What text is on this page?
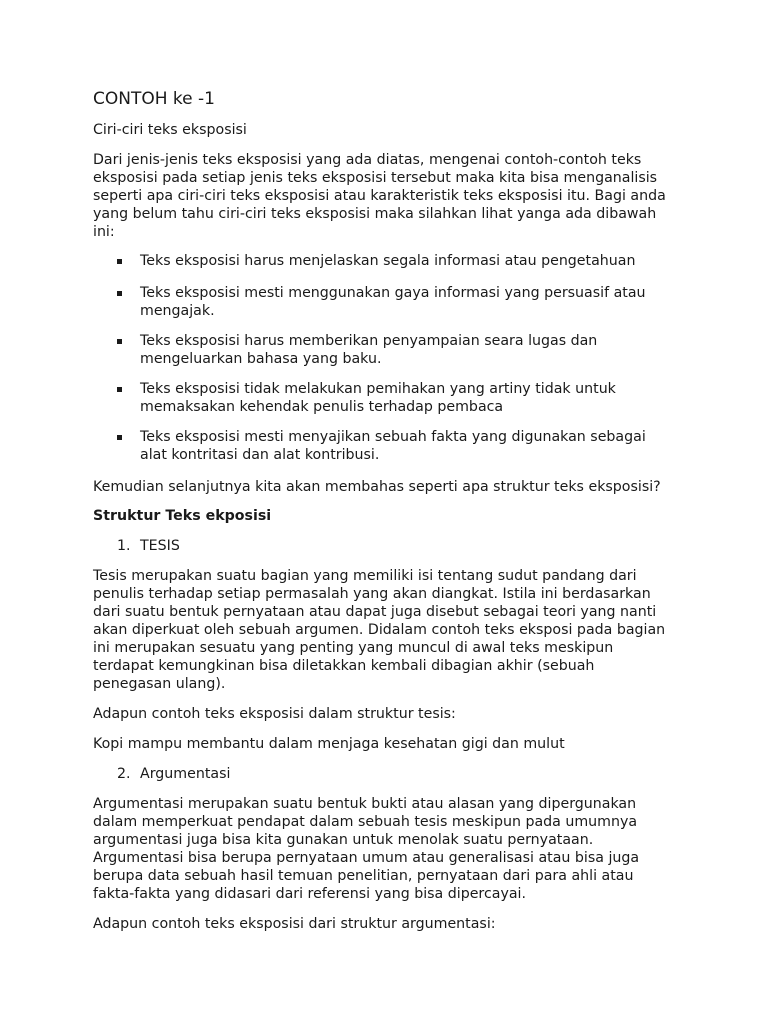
CONTOH ke -1
Ciri-ciri teks eksposisi
Dari jenis-jenis teks eksposisi yang ada diatas, mengenai contoh-contoh teks
eksposisi pada setiap jenis teks eksposisi tersebut maka kita bisa menganalisis
seperti apa ciri-ciri teks eksposisi atau karakteristik teks eksposisi itu. Bagi anda
yang belum tahu ciri-ciri teks eksposisi maka silahkan lihat yanga ada dibawah
ini:
Teks eksposisi harus menjelaskan segala informasi atau pengetahuan
Teks eksposisi mesti menggunakan gaya informasi yang persuasif atau
mengajak.
Teks eksposisi harus memberikan penyampaian seara lugas dan
mengeluarkan bahasa yang baku.
Teks eksposisi tidak melakukan pemihakan yang artiny tidak untuk
memaksakan kehendak penulis terhadap pembaca
Teks eksposisi mesti menyajikan sebuah fakta yang digunakan sebagai
alat kontritasi dan alat kontribusi.
Kemudian selanjutnya kita akan membahas seperti apa struktur teks eksposisi?
Struktur Teks ekposisi
1. TESIS
Tesis merupakan suatu bagian yang memiliki isi tentang sudut pandang dari
penulis terhadap setiap permasalah yang akan diangkat. Istila ini berdasarkan
dari suatu bentuk pernyataan atau dapat juga disebut sebagai teori yang nanti
akan diperkuat oleh sebuah argumen. Didalam contoh teks eksposi pada bagian
ini merupakan sesuatu yang penting yang muncul di awal teks meskipun
terdapat kemungkinan bisa diletakkan kembali dibagian akhir (sebuah
penegasan ulang).
Adapun contoh teks eksposisi dalam struktur tesis:
Kopi mampu membantu dalam menjaga kesehatan gigi dan mulut
2. Argumentasi
Argumentasi merupakan suatu bentuk bukti atau alasan yang dipergunakan
dalam memperkuat pendapat dalam sebuah tesis meskipun pada umumnya
argumentasi juga bisa kita gunakan untuk menolak suatu pernyataan.
Argumentasi bisa berupa pernyataan umum atau generalisasi atau bisa juga
berupa data sebuah hasil temuan penelitian, pernyataan dari para ahli atau
fakta-fakta yang didasari dari referensi yang bisa dipercayai.
Adapun contoh teks eksposisi dari struktur argumentasi:
